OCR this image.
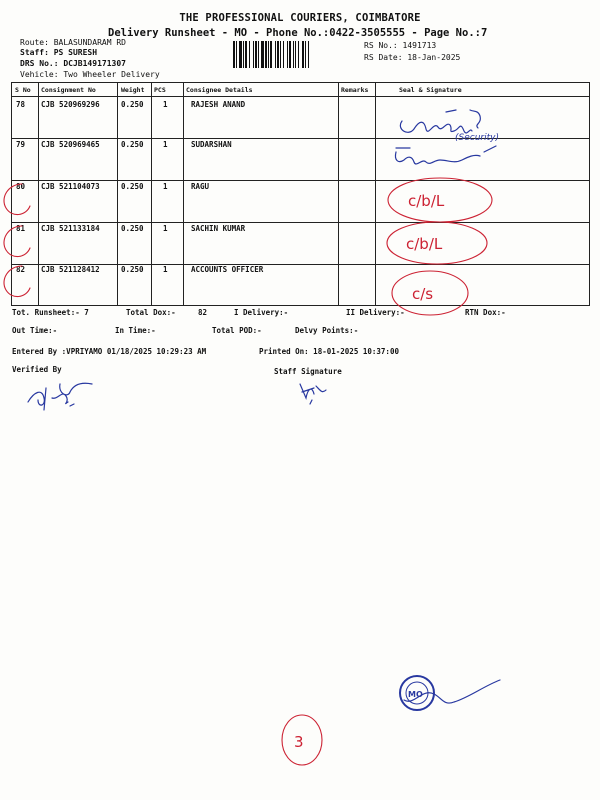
THE PROFESSIONAL COURIERS, COIMBATORE
Delivery Runsheet - MO - Phone No.:0422-3505555 - Page No.:7
Route: BALASUNDARAM RD
Staff: PS SURESH
DRS No.: DCJB149171307
Vehicle: Two Wheeler Delivery
RS No.: 1491713
RS Date: 18-Jan-2025
S No Consignment No	Weight PCS	Consignee Details	Remarks	Seal & Signature
78 CJB 520969296	0.250	1	RAJESH ANAND
79 CJB 520969465	0.250	1	SUDARSHAN
80 CJB 521104073	0.250	1	RAGU
81 CJB 521133184	0.250	1	SACHIN KUMAR
82 CJB 521128412	0.250	1	ACCOUNTS OFFICER
Tot. Runsheet:- 7	Total Dox:-	82	I Delivery:-	II Delivery:-	RTN Dox:-
Out Time:-	In Time:-	Total POD:-	Delvy Points:-
Entered By :VPRIYAMO 01/18/2025 10:29:23 AM	Printed On: 18-01-2025 10:37:00
Verified By	Staff Signature
MO
(Security)
c/b/L
c/b/L
c/s
3
